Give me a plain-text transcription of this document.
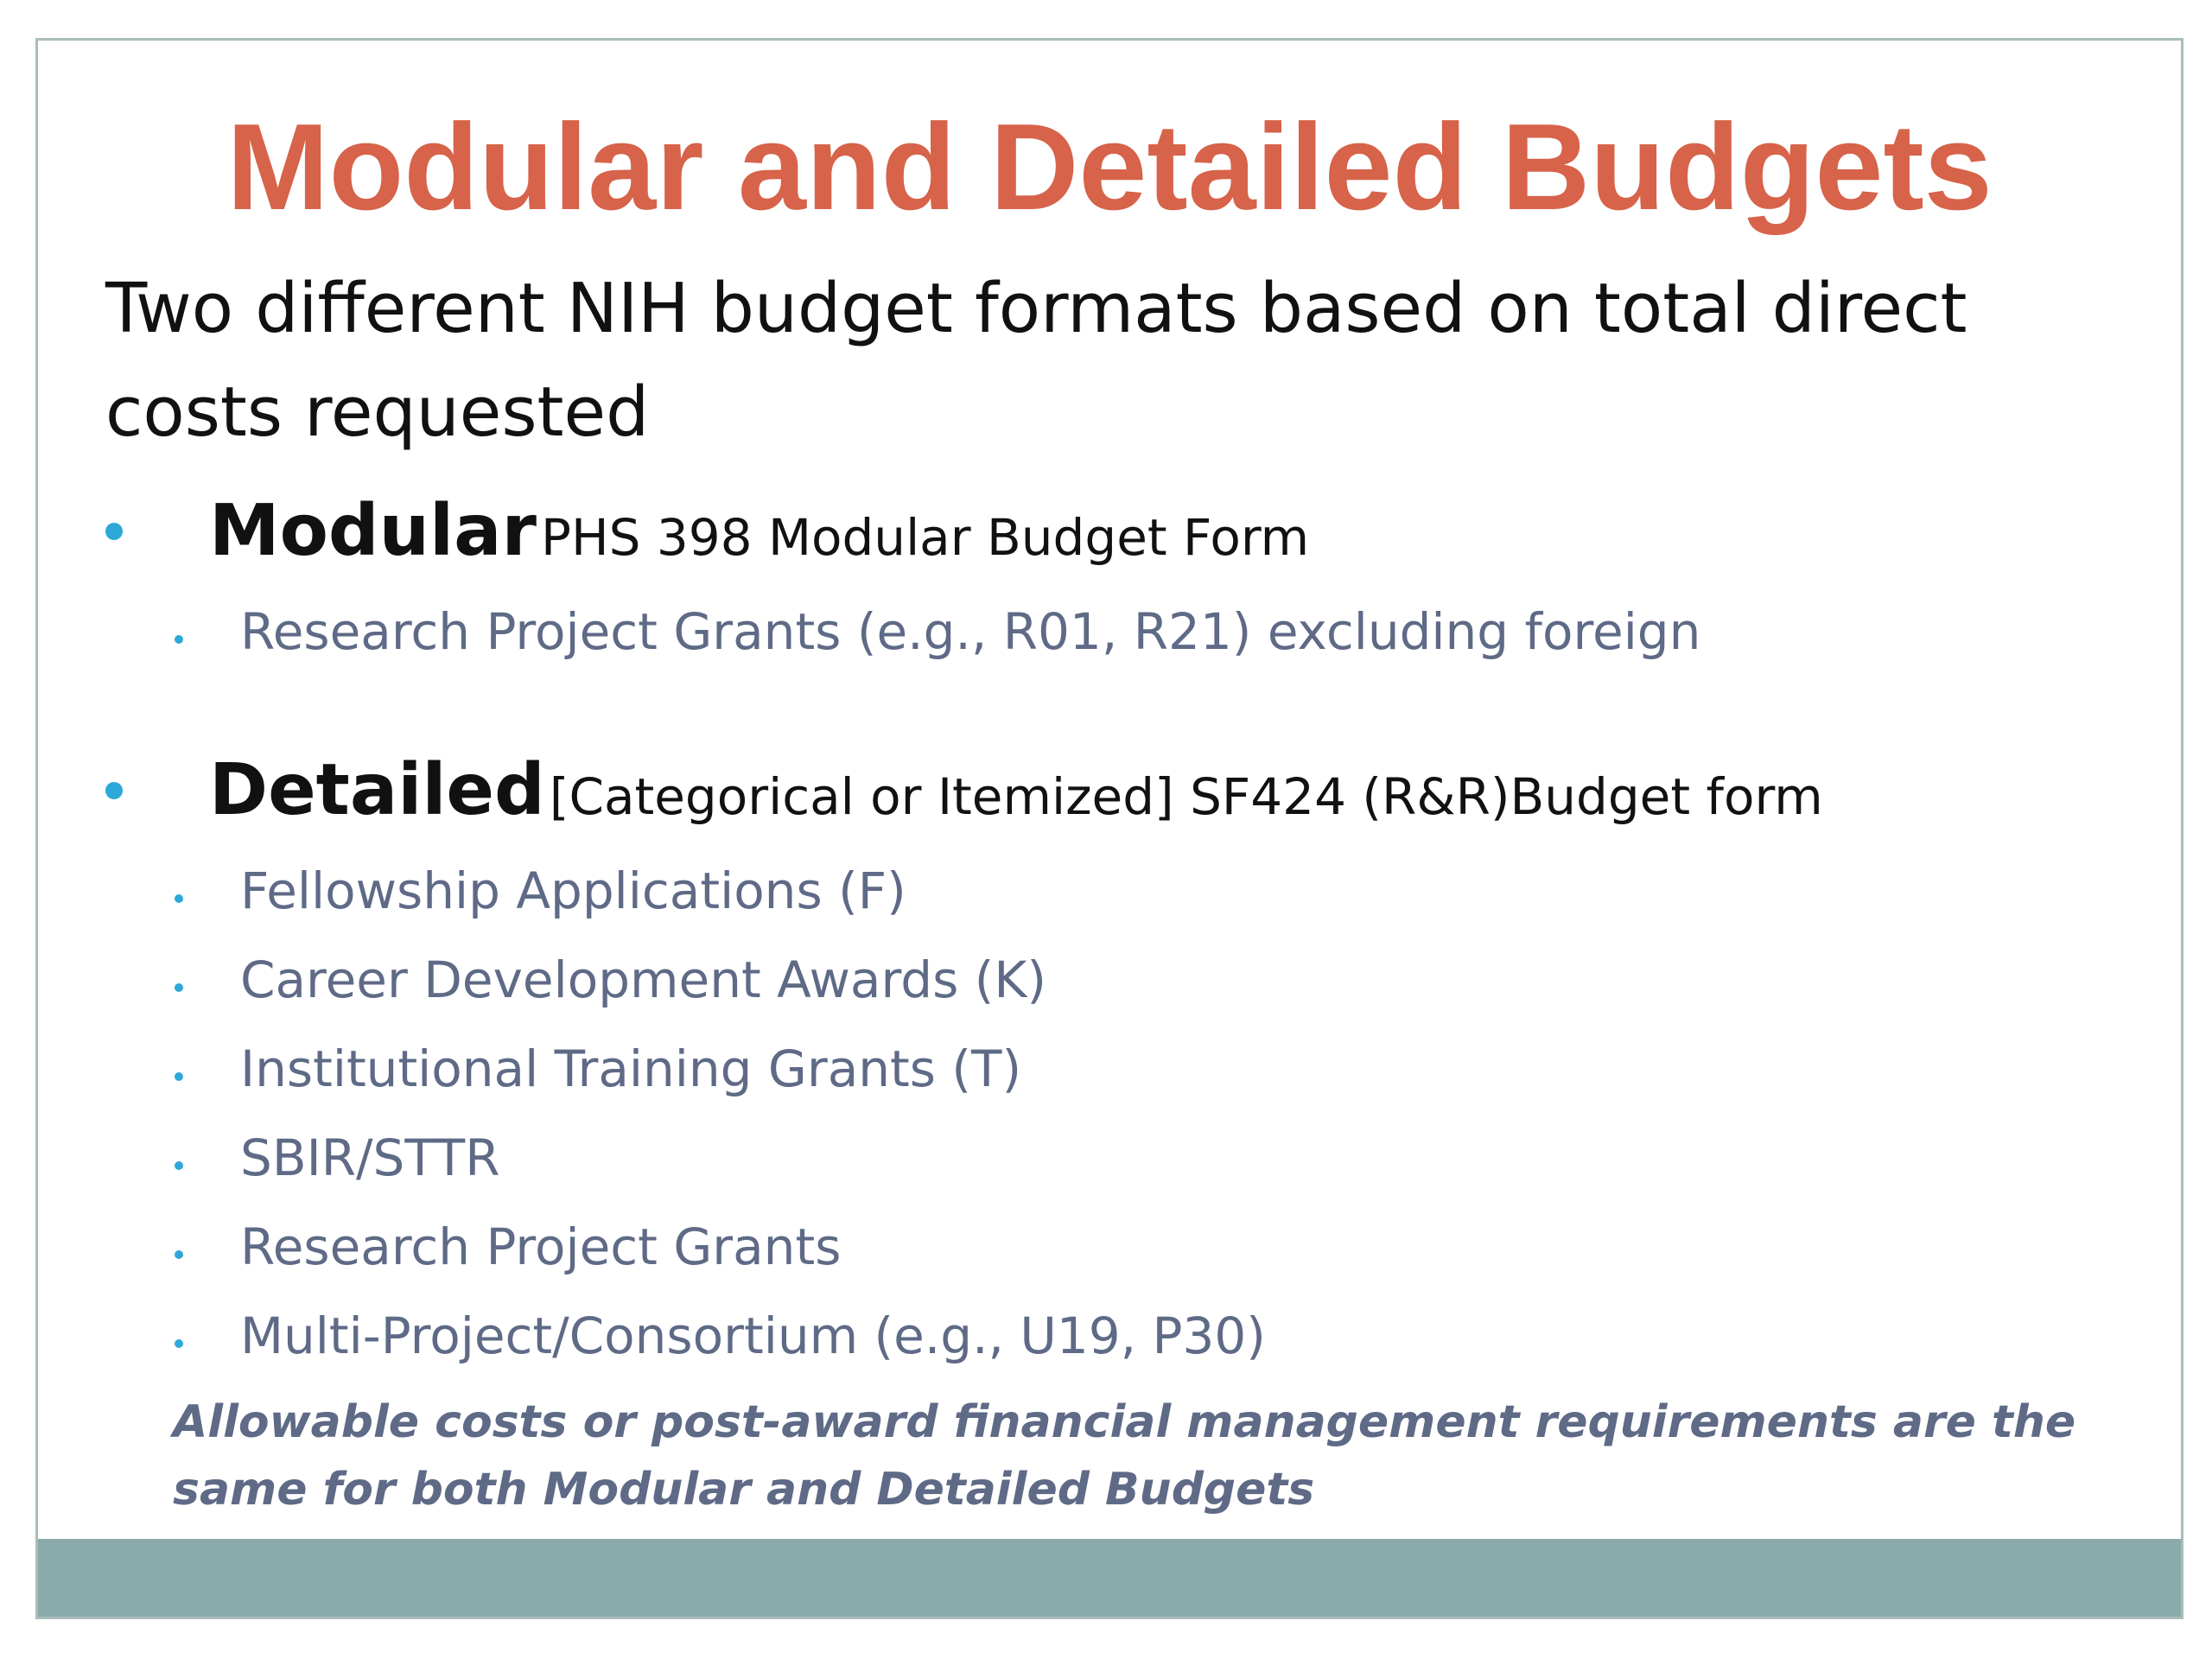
Modular and Detailed Budgets
Two different NIH budget formats based on total direct costs requested
Modular PHS 398 Modular Budget Form
Research Project Grants (e.g., R01, R21) excluding foreign
Detailed [Categorical or Itemized] SF424 (R&R)Budget form
Fellowship Applications (F)
Career Development Awards (K)
Institutional Training Grants (T)
SBIR/STTR
Research Project Grants
Multi-Project/Consortium (e.g., U19, P30)
Allowable costs or post-award financial management requirements are the same for both Modular and Detailed Budgets
